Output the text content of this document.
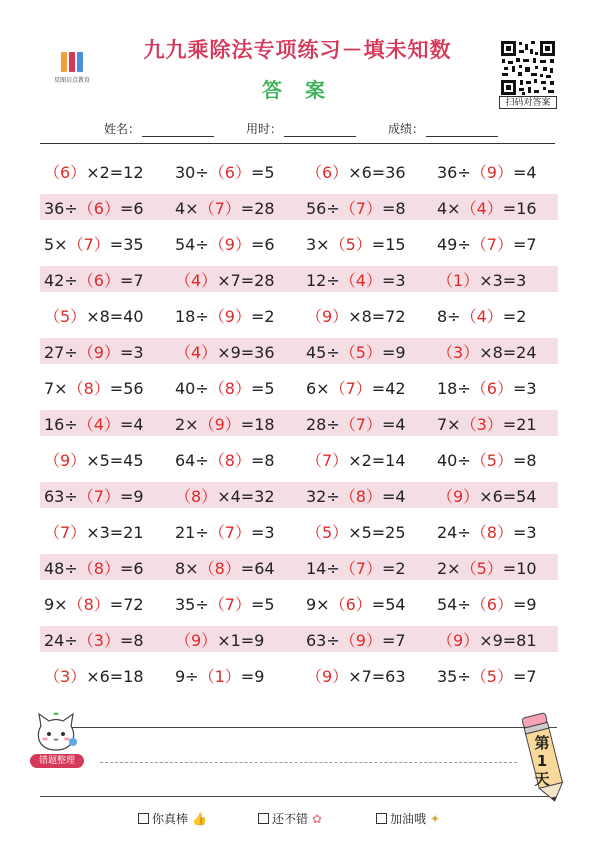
星图启点教育
九九乘除法专项练习－填未知数
答 案
扫码对答案
姓名：	用时：	成绩：
（6）×2=12	30÷（6）=5	（6）×6=36	36÷（9）=4
36÷（6）=6	4×（7）=28	56÷（7）=8	4×（4）=16
5×（7）=35	54÷（9）=6	3×（5）=15	49÷（7）=7
42÷（6）=7	（4）×7=28	12÷（4）=3	（1）×3=3
（5）×8=40	18÷（9）=2	（9）×8=72	8÷（4）=2
27÷（9）=3	（4）×9=36	45÷（5）=9	（3）×8=24
7×（8）=56	40÷（8）=5	6×（7）=42	18÷（6）=3
16÷（4）=4	2×（9）=18	28÷（7）=4	7×（3）=21
（9）×5=45	64÷（8）=8	（7）×2=14	40÷（5）=8
63÷（7）=9	（8）×4=32	32÷（8）=4	（9）×6=54
（7）×3=21	21÷（7）=3	（5）×5=25	24÷（8）=3
48÷（8）=6	8×（8）=64	14÷（7）=2	2×（5）=10
9×（8）=72	35÷（7）=5	9×（6）=54	54÷（6）=9
24÷（3）=8	（9）×1=9	63÷（9）=7	（9）×9=81
（3）×6=18	9÷（1）=9	（9）×7=63	35÷（5）=7
错题整理
第1天
你真棒 👍	还不错 ✿	加油哦 ✦
